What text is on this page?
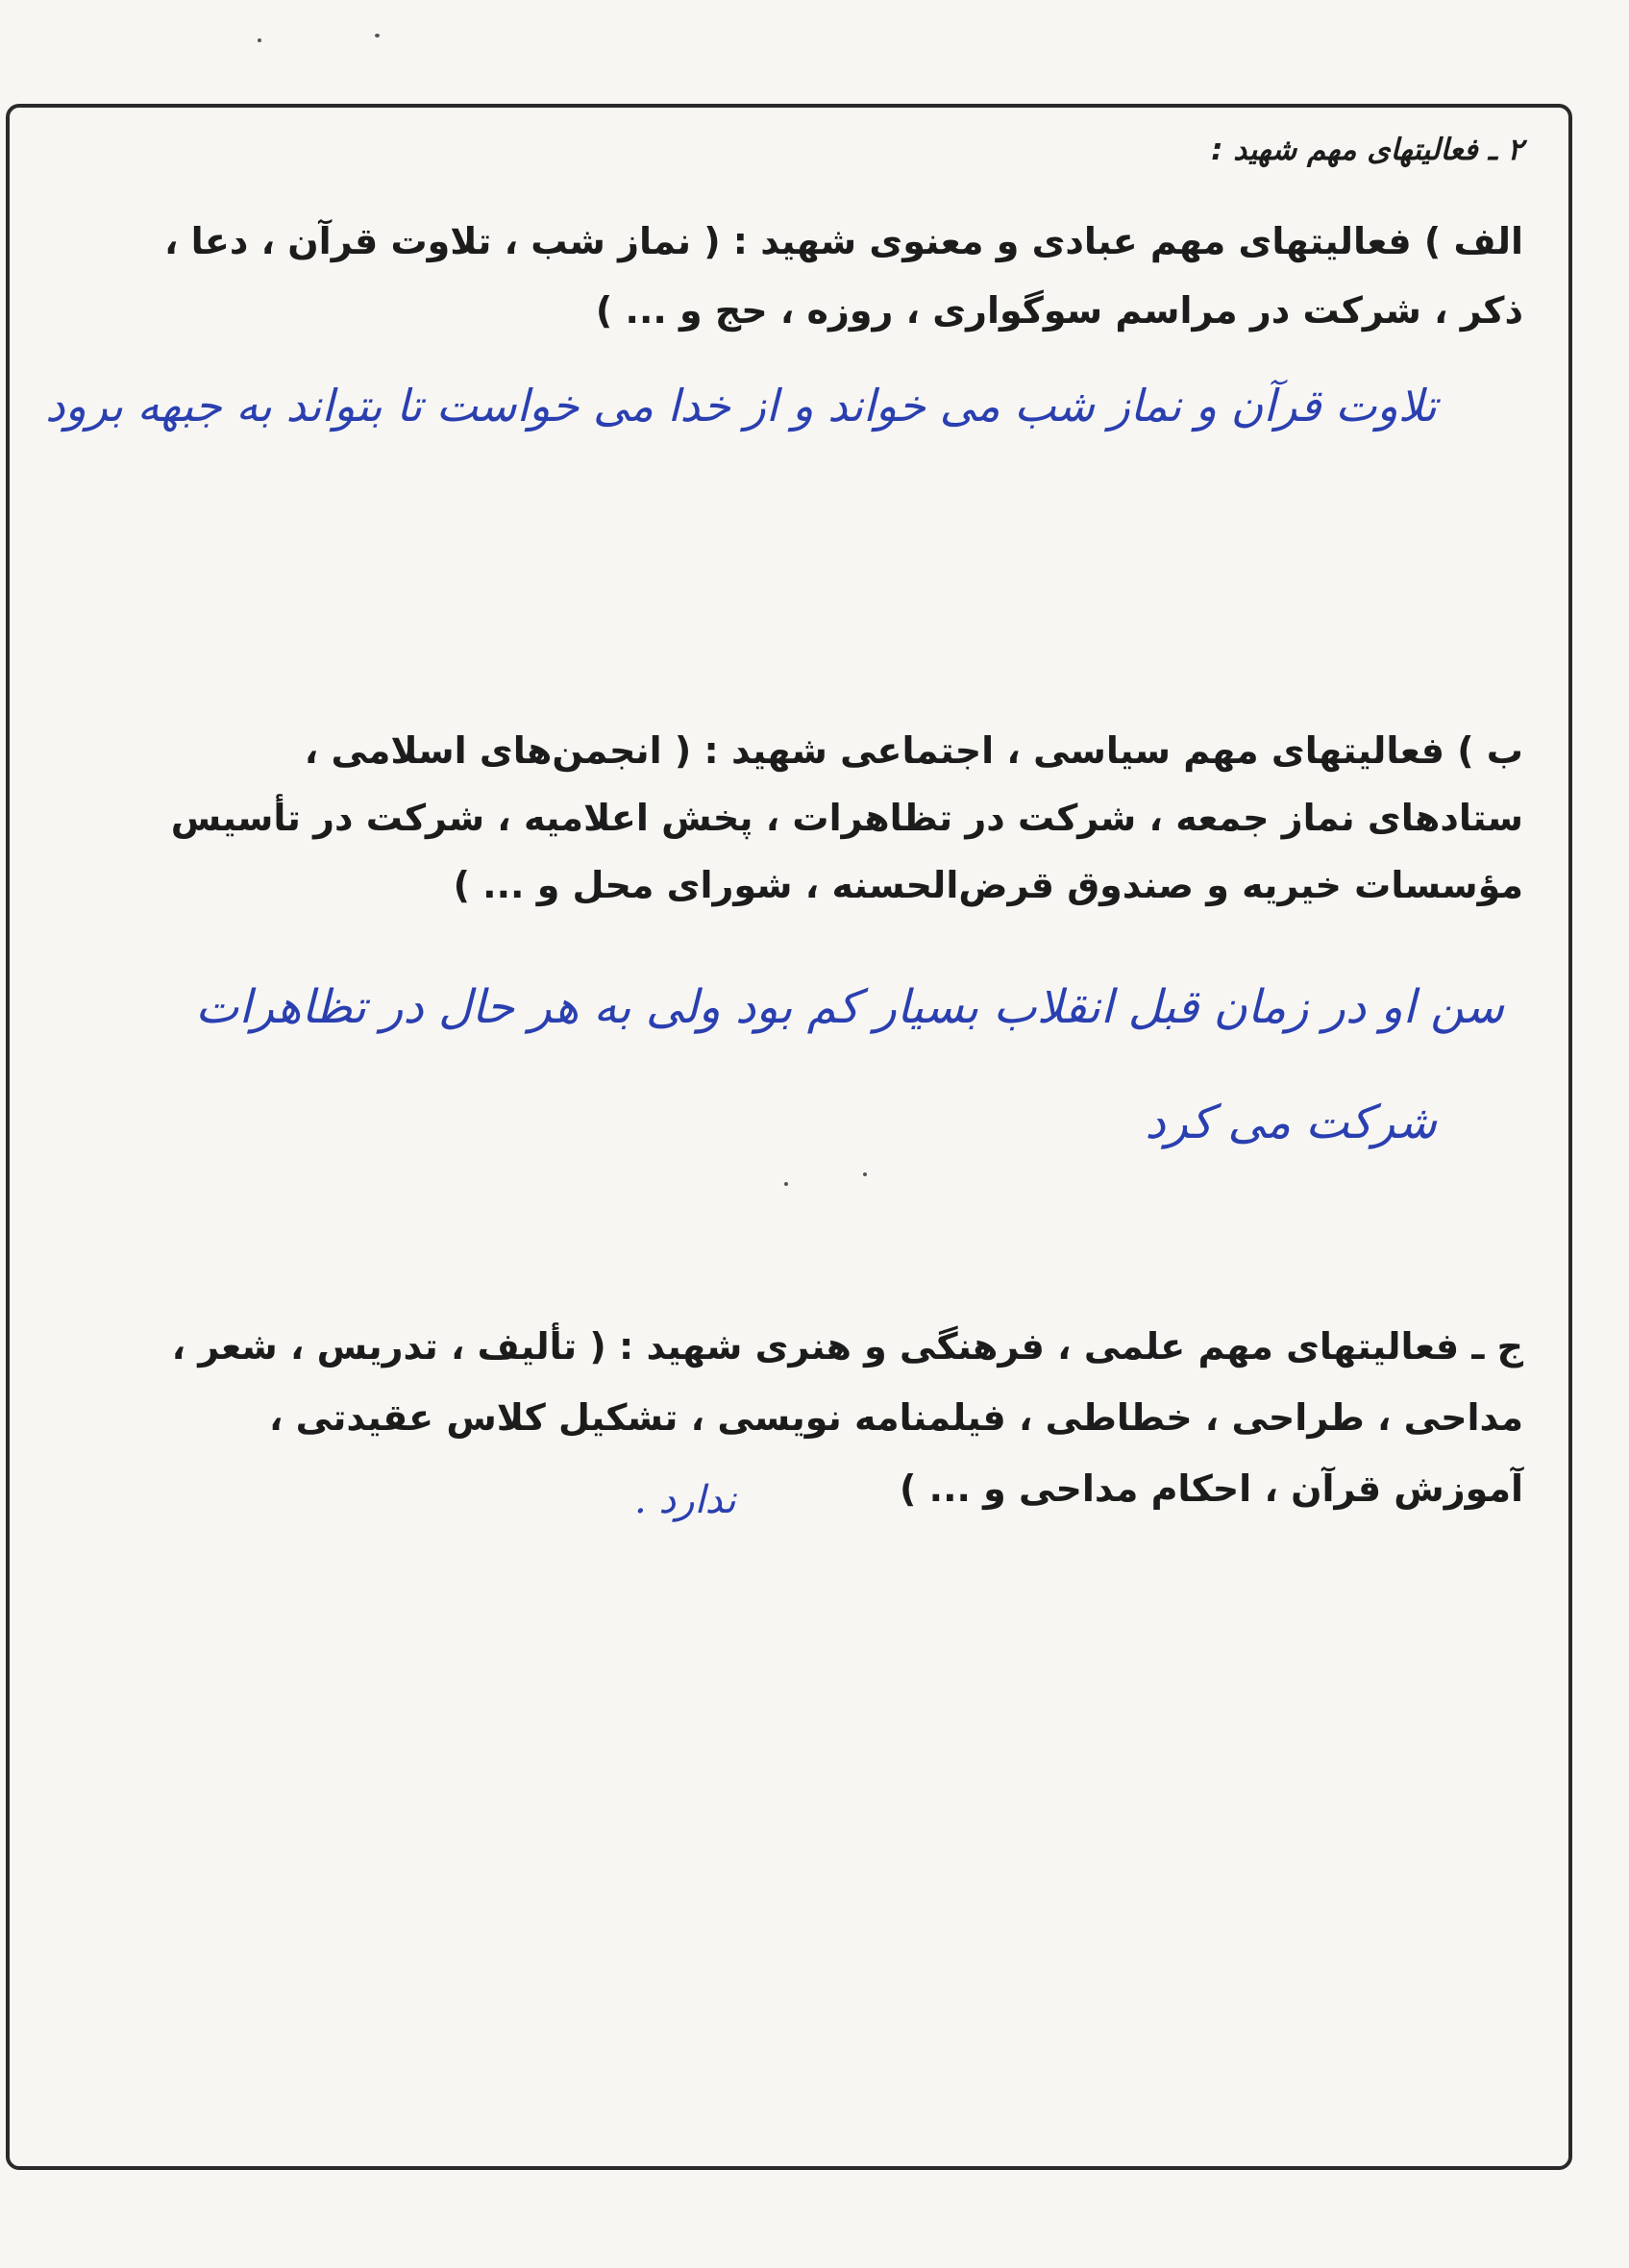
۲ ـ فعالیتهای مهم شهید :
الف ) فعالیتهای مهم عبادی و معنوی شهید : ( نماز شب ، تلاوت قرآن ، دعا ،
ذکر ، شرکت در مراسم سوگواری ، روزه ، حج و ... )
تلاوت قرآن و نماز شب می خواند و از خدا می خواست تا بتواند به جبهه برود
ب ) فعالیتهای مهم سیاسی ، اجتماعی شهید : ( انجمن‌های اسلامی ،
ستادهای نماز جمعه ، شرکت در تظاهرات ، پخش اعلامیه ، شرکت در تأسیس
مؤسسات خیریه و صندوق قرض‌الحسنه ، شورای محل و ... )
سن او در زمان قبل انقلاب بسیار کم بود ولی به هر حال در تظاهرات
شرکت می کرد
ج ـ فعالیتهای مهم علمی ، فرهنگی و هنری شهید : ( تألیف ، تدریس ، شعر ،
مداحی ، طراحی ، خطاطی ، فیلمنامه نویسی ، تشکیل کلاس عقیدتی ،
آموزش قرآن ، احکام مداحی و ... )
ندارد .
